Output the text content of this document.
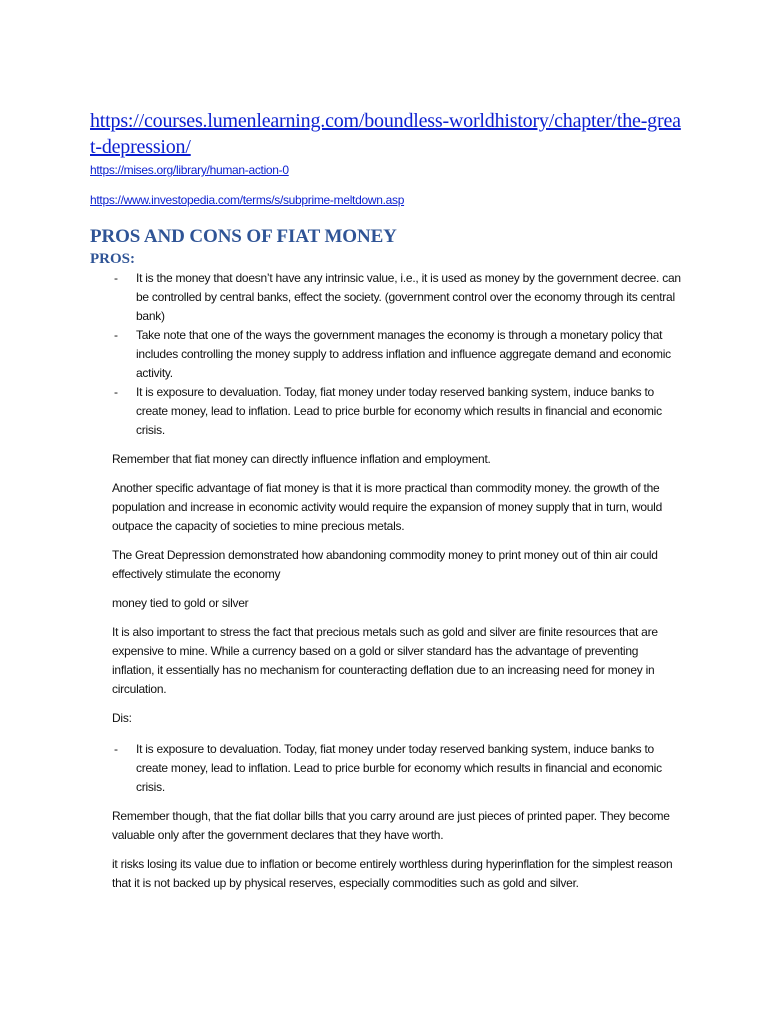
https://courses.lumenlearning.com/boundless-worldhistory/chapter/the-great-depression/
https://mises.org/library/human-action-0
https://www.investopedia.com/terms/s/subprime-meltdown.asp
PROS AND CONS OF FIAT MONEY
PROS:
- It is the money that doesn’t have any intrinsic value, i.e., it is used as money by the government decree. can be controlled by central banks, effect the society. (government control over the economy through its central bank)
- Take note that one of the ways the government manages the economy is through a monetary policy that includes controlling the money supply to address inflation and influence aggregate demand and economic activity.
- It is exposure to devaluation. Today, fiat money under today reserved banking system, induce banks to create money, lead to inflation. Lead to price burble for economy which results in financial and economic crisis.

Remember that fiat money can directly influence inflation and employment.

Another specific advantage of fiat money is that it is more practical than commodity money. the growth of the population and increase in economic activity would require the expansion of money supply that in turn, would outpace the capacity of societies to mine precious metals.

The Great Depression demonstrated how abandoning commodity money to print money out of thin air could effectively stimulate the economy

money tied to gold or silver

It is also important to stress the fact that precious metals such as gold and silver are finite resources that are expensive to mine. While a currency based on a gold or silver standard has the advantage of preventing inflation, it essentially has no mechanism for counteracting deflation due to an increasing need for money in circulation.

Dis:

- It is exposure to devaluation. Today, fiat money under today reserved banking system, induce banks to create money, lead to inflation. Lead to price burble for economy which results in financial and economic crisis.

Remember though, that the fiat dollar bills that you carry around are just pieces of printed paper. They become valuable only after the government declares that they have worth.

it risks losing its value due to inflation or become entirely worthless during hyperinflation for the simplest reason that it is not backed up by physical reserves, especially commodities such as gold and silver.
